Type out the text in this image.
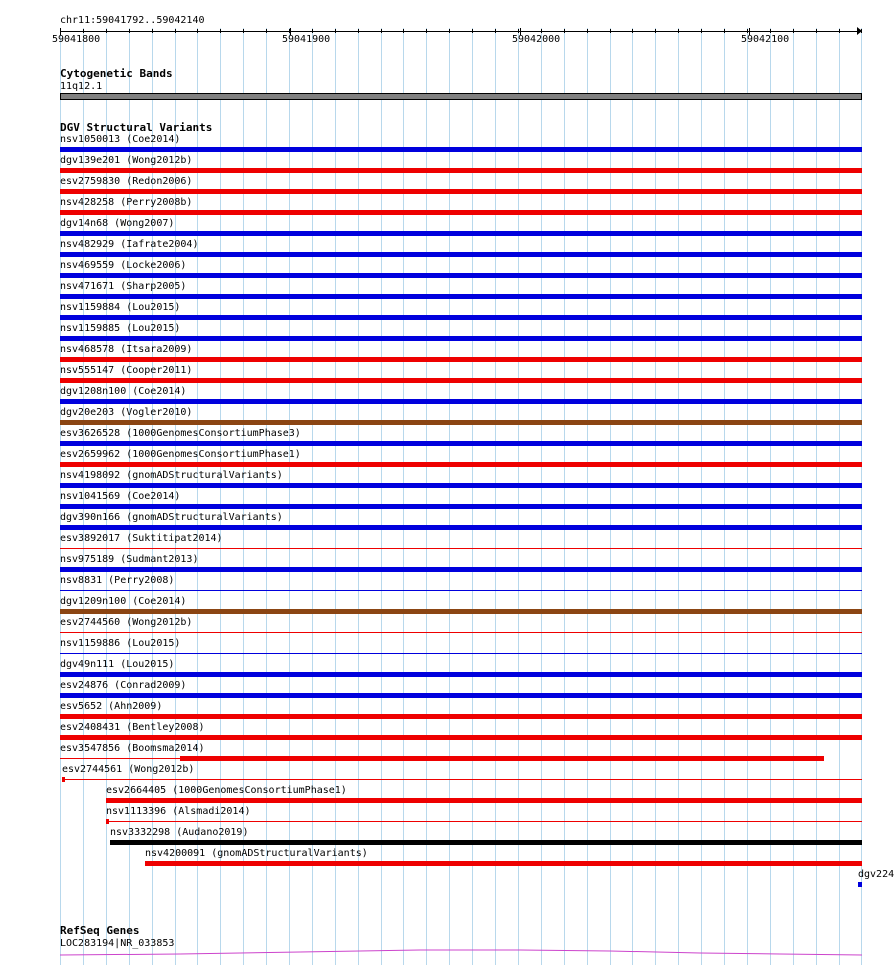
chr11:59041792..59042140
59041800	59041900	59042000	59042100
Cytogenetic Bands
11q12.1
DGV Structural Variants
nsv1050013 (Coe2014)
dgv139e201 (Wong2012b)
esv2759830 (Redon2006)
nsv428258 (Perry2008b)
dgv14n68 (Wong2007)
nsv482929 (Iafrate2004)
nsv469559 (Locke2006)
nsv471671 (Sharp2005)
nsv1159884 (Lou2015)
nsv1159885 (Lou2015)
nsv468578 (Itsara2009)
nsv555147 (Cooper2011)
dgv1208n100 (Coe2014)
dgv20e203 (Vogler2010)
esv3626528 (1000GenomesConsortiumPhase3)
esv2659962 (1000GenomesConsortiumPhase1)
nsv4198092 (gnomADStructuralVariants)
nsv1041569 (Coe2014)
dgv390n166 (gnomADStructuralVariants)
esv3892017 (Suktitipat2014)
nsv975189 (Sudmant2013)
nsv8831 (Perry2008)
dgv1209n100 (Coe2014)
esv2744560 (Wong2012b)
nsv1159886 (Lou2015)
dgv49n111 (Lou2015)
esv24876 (Conrad2009)
esv5652 (Ahn2009)
esv2408431 (Bentley2008)
esv3547856 (Boomsma2014)
esv2744561 (Wong2012b)
esv2664405 (1000GenomesConsortiumPhase1)
nsv1113396 (Alsmadi2014)
nsv3332298 (Audano2019)
nsv4200091 (gnomADStructuralVariants)
dgv224
RefSeq Genes
LOC283194|NR_033853
